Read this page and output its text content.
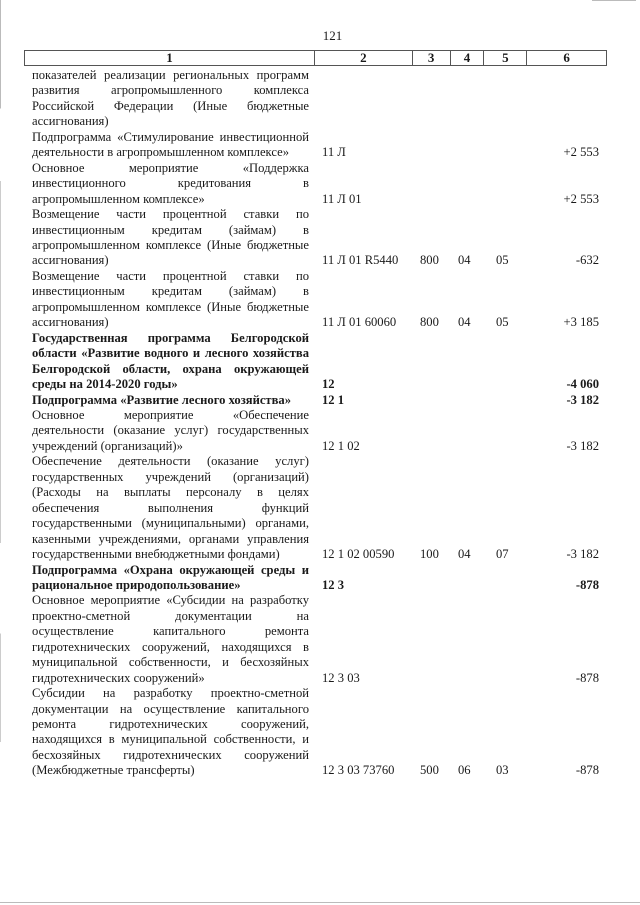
121
1	2	3	4	5	6
показателей реализации региональных программ развития агропромышленного комплекса Российской Федерации (Иные бюджетные ассигнования)					
Подпрограмма «Стимулирование инвестиционной деятельности в агропромышленном комплексе»	11 Л				+2 553
Основное мероприятие «Поддержка инвестиционного кредитования в агропромышленном комплексе»	11 Л 01				+2 553
Возмещение части процентной ставки по инвестиционным кредитам (займам) в агропромышленном комплексе (Иные бюджетные ассигнования)	11 Л 01 R5440	800	04	05	-632
Возмещение части процентной ставки по инвестиционным кредитам (займам) в агропромышленном комплексе (Иные бюджетные ассигнования)	11 Л 01 60060	800	04	05	+3 185
Государственная программа Белгородской области «Развитие водного и лесного хозяйства Белгородской области, охрана окружающей среды на 2014-2020 годы»	12				-4 060
Подпрограмма «Развитие лесного хозяйства»	12 1				-3 182
Основное мероприятие «Обеспечение деятельности (оказание услуг) государственных учреждений (организаций)»	12 1 02				-3 182
Обеспечение деятельности (оказание услуг) государственных учреждений (организаций) (Расходы на выплаты персоналу в целях обеспечения выполнения функций государственными (муниципальными) органами, казенными учреждениями, органами управления государственными внебюджетными фондами)	12 1 02 00590	100	04	07	-3 182
Подпрограмма «Охрана окружающей среды и рациональное природопользование»	12 3				-878
Основное мероприятие «Субсидии на разработку проектно-сметной документации на осуществление капитального ремонта гидротехнических сооружений, находящихся в муниципальной собственности, и бесхозяйных гидротехнических сооружений»	12 3 03				-878
Субсидии на разработку проектно-сметной документации на осуществление капитального ремонта гидротехнических сооружений, находящихся в муниципальной собственности, и бесхозяйных гидротехнических сооружений (Межбюджетные трансферты)	12 3 03 73760	500	06	03	-878
